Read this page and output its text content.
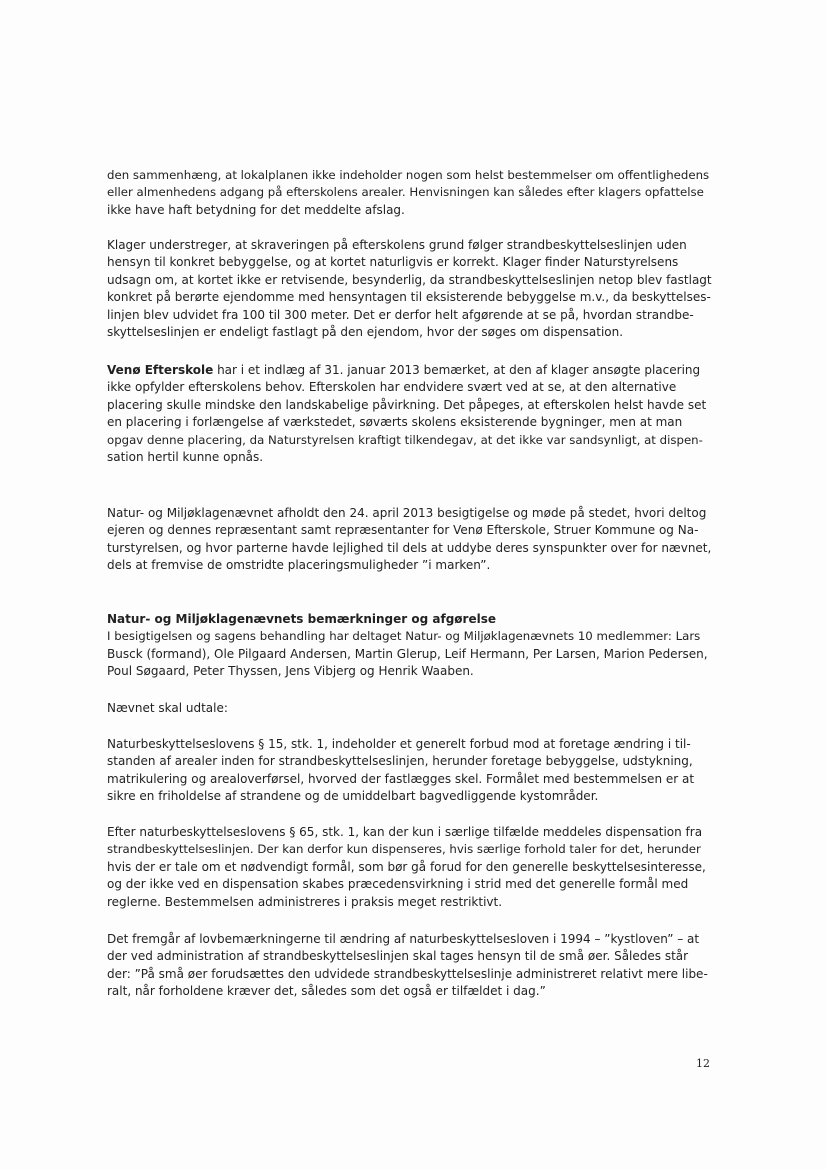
den sammenhæng, at lokalplanen ikke indeholder nogen som helst bestemmelser om offentlighedens
eller almenhedens adgang på efterskolens arealer. Henvisningen kan således efter klagers opfattelse
ikke have haft betydning for det meddelte afslag.
Klager understreger, at skraveringen på efterskolens grund følger strandbeskyttelseslinjen uden
hensyn til konkret bebyggelse, og at kortet naturligvis er korrekt. Klager finder Naturstyrelsens
udsagn om, at kortet ikke er retvisende, besynderlig, da strandbeskyttelseslinjen netop blev fastlagt
konkret på berørte ejendomme med hensyntagen til eksisterende bebyggelse m.v., da beskyttelses-
linjen blev udvidet fra 100 til 300 meter. Det er derfor helt afgørende at se på, hvordan strandbe-
skyttelseslinjen er endeligt fastlagt på den ejendom, hvor der søges om dispensation.
Venø Efterskole har i et indlæg af 31. januar 2013 bemærket, at den af klager ansøgte placering
ikke opfylder efterskolens behov. Efterskolen har endvidere svært ved at se, at den alternative
placering skulle mindske den landskabelige påvirkning. Det påpeges, at efterskolen helst havde set
en placering i forlængelse af værkstedet, søværts skolens eksisterende bygninger, men at man
opgav denne placering, da Naturstyrelsen kraftigt tilkendegav, at det ikke var sandsynligt, at dispen-
sation hertil kunne opnås.
Natur- og Miljøklagenævnet afholdt den 24. april 2013 besigtigelse og møde på stedet, hvori deltog
ejeren og dennes repræsentant samt repræsentanter for Venø Efterskole, Struer Kommune og Na-
turstyrelsen, og hvor parterne havde lejlighed til dels at uddybe deres synspunkter over for nævnet,
dels at fremvise de omstridte placeringsmuligheder ”i marken”.
Natur- og Miljøklagenævnets bemærkninger og afgørelse
I besigtigelsen og sagens behandling har deltaget Natur- og Miljøklagenævnets 10 medlemmer: Lars
Busck (formand), Ole Pilgaard Andersen, Martin Glerup, Leif Hermann, Per Larsen, Marion Pedersen,
Poul Søgaard, Peter Thyssen, Jens Vibjerg og Henrik Waaben.
Nævnet skal udtale:
Naturbeskyttelseslovens § 15, stk. 1, indeholder et generelt forbud mod at foretage ændring i til-
standen af arealer inden for strandbeskyttelseslinjen, herunder foretage bebyggelse, udstykning,
matrikulering og arealoverførsel, hvorved der fastlægges skel. Formålet med bestemmelsen er at
sikre en friholdelse af strandene og de umiddelbart bagvedliggende kystområder.
Efter naturbeskyttelseslovens § 65, stk. 1, kan der kun i særlige tilfælde meddeles dispensation fra
strandbeskyttelseslinjen. Der kan derfor kun dispenseres, hvis særlige forhold taler for det, herunder
hvis der er tale om et nødvendigt formål, som bør gå forud for den generelle beskyttelsesinteresse,
og der ikke ved en dispensation skabes præcedensvirkning i strid med det generelle formål med
reglerne. Bestemmelsen administreres i praksis meget restriktivt.
Det fremgår af lovbemærkningerne til ændring af naturbeskyttelsesloven i 1994 – ”kystloven” – at
der ved administration af strandbeskyttelseslinjen skal tages hensyn til de små øer. Således står
der: ”På små øer forudsættes den udvidede strandbeskyttelseslinje administreret relativt mere libe-
ralt, når forholdene kræver det, således som det også er tilfældet i dag.”
12
